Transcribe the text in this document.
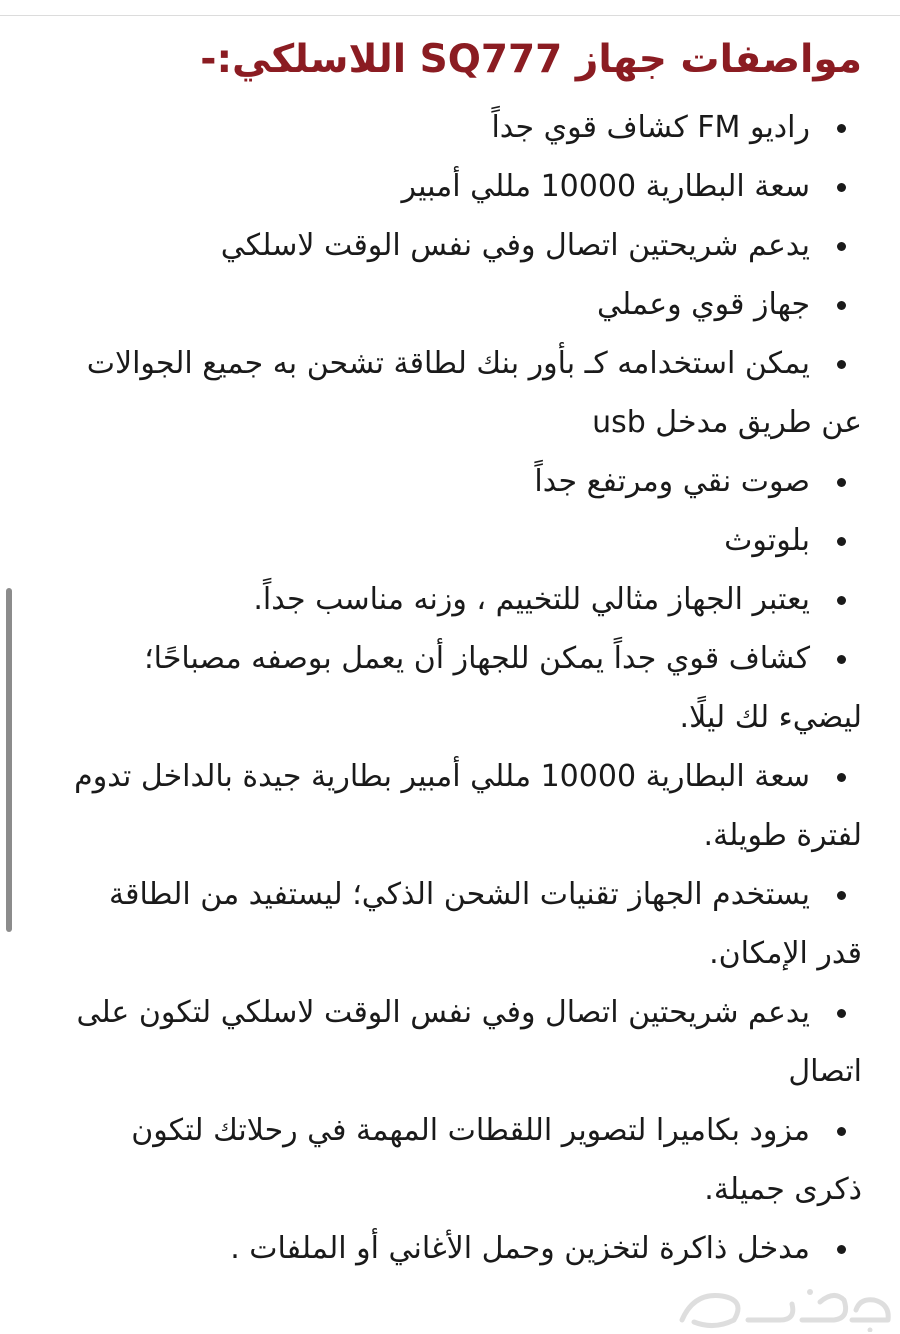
مواصفات جهاز SQ777 اللاسلكي:-
راديو FM كشاف قوي جداً
سعة البطارية 10000 مللي أمبير
يدعم شريحتين اتصال وفي نفس الوقت لاسلكي
جهاز قوي وعملي
يمكن استخدامه كـ بأور بنك لطاقة تشحن به جميع الجوالات
عن طريق مدخل usb
صوت نقي ومرتفع جداً
بلوتوث
يعتبر الجهاز مثالي للتخييم ، وزنه مناسب جداً.
كشاف قوي جداً يمكن للجهاز أن يعمل بوصفه مصباحًا؛
ليضيء لك ليلًا.
سعة البطارية 10000 مللي أمبير بطارية جيدة بالداخل تدوم
لفترة طويلة.
يستخدم الجهاز تقنيات الشحن الذكي؛ ليستفيد من الطاقة
قدر الإمكان.
يدعم شريحتين اتصال وفي نفس الوقت لاسلكي لتكون على
اتصال
مزود بكاميرا لتصوير اللقطات المهمة في رحلاتك لتكون
ذكرى جميلة.
مدخل ذاكرة لتخزين وحمل الأغاني أو الملفات .
